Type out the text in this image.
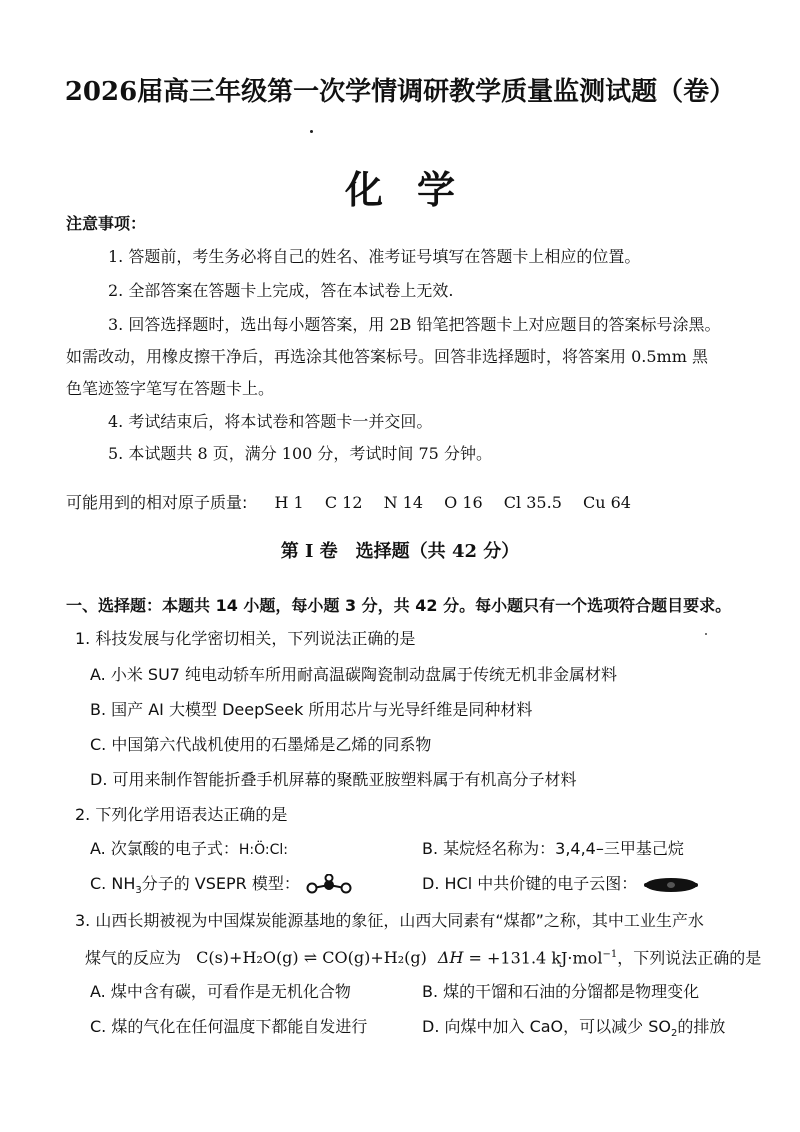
2026届高三年级第一次学情调研教学质量监测试题（卷）
化学
注意事项：
1. 答题前，考生务必将自己的姓名、准考证号填写在答题卡上相应的位置。
2. 全部答案在答题卡上完成，答在本试卷上无效.
3. 回答选择题时，选出每小题答案，用 2B 铅笔把答题卡上对应题目的答案标号涂黑。
如需改动，用橡皮擦干净后，再选涂其他答案标号。回答非选择题时，将答案用 0.5mm 黑
色笔迹签字笔写在答题卡上。
4. 考试结束后，将本试卷和答题卡一并交回。
5. 本试题共 8 页，满分 100 分，考试时间 75 分钟。
可能用到的相对原子质量: H 1 C 12 N 14 O 16 Cl 35.5 Cu 64
第 I 卷　选择题（共 42 分）
一、选择题：本题共 14 小题，每小题 3 分，共 42 分。每小题只有一个选项符合题目要求。
1. 科技发展与化学密切相关，下列说法正确的是
A. 小米 SU7 纯电动轿车所用耐高温碳陶瓷制动盘属于传统无机非金属材料
B. 国产 AI 大模型 DeepSeek 所用芯片与光导纤维是同种材料
C. 中国第六代战机使用的石墨烯是乙烯的同系物
D. 可用来制作智能折叠手机屏幕的聚酰亚胺塑料属于有机高分子材料
2. 下列化学用语表达正确的是
A. 次氯酸的电子式：H:Ö:Cl:	B. 某烷烃名称为：3,4,4–三甲基己烷
C. $NH_3$分子的 VSEPR 模型：	D. HCl 中共价键的电子云图：
3. 山西长期被视为中国煤炭能源基地的象征，山西大同素有“煤都”之称，其中工业生产水
煤气的反应为 C(s)+H₂O(g) ⇌ CO(g)+H₂(g) ΔH = +131.4 kJ·mol$^{-1}$，下列说法正确的是
A. 煤中含有碳，可看作是无机化合物	B. 煤的干馏和石油的分馏都是物理变化
C. 煤的气化在任何温度下都能自发进行	D. 向煤中加入 CaO，可以减少 $SO_2$的排放
